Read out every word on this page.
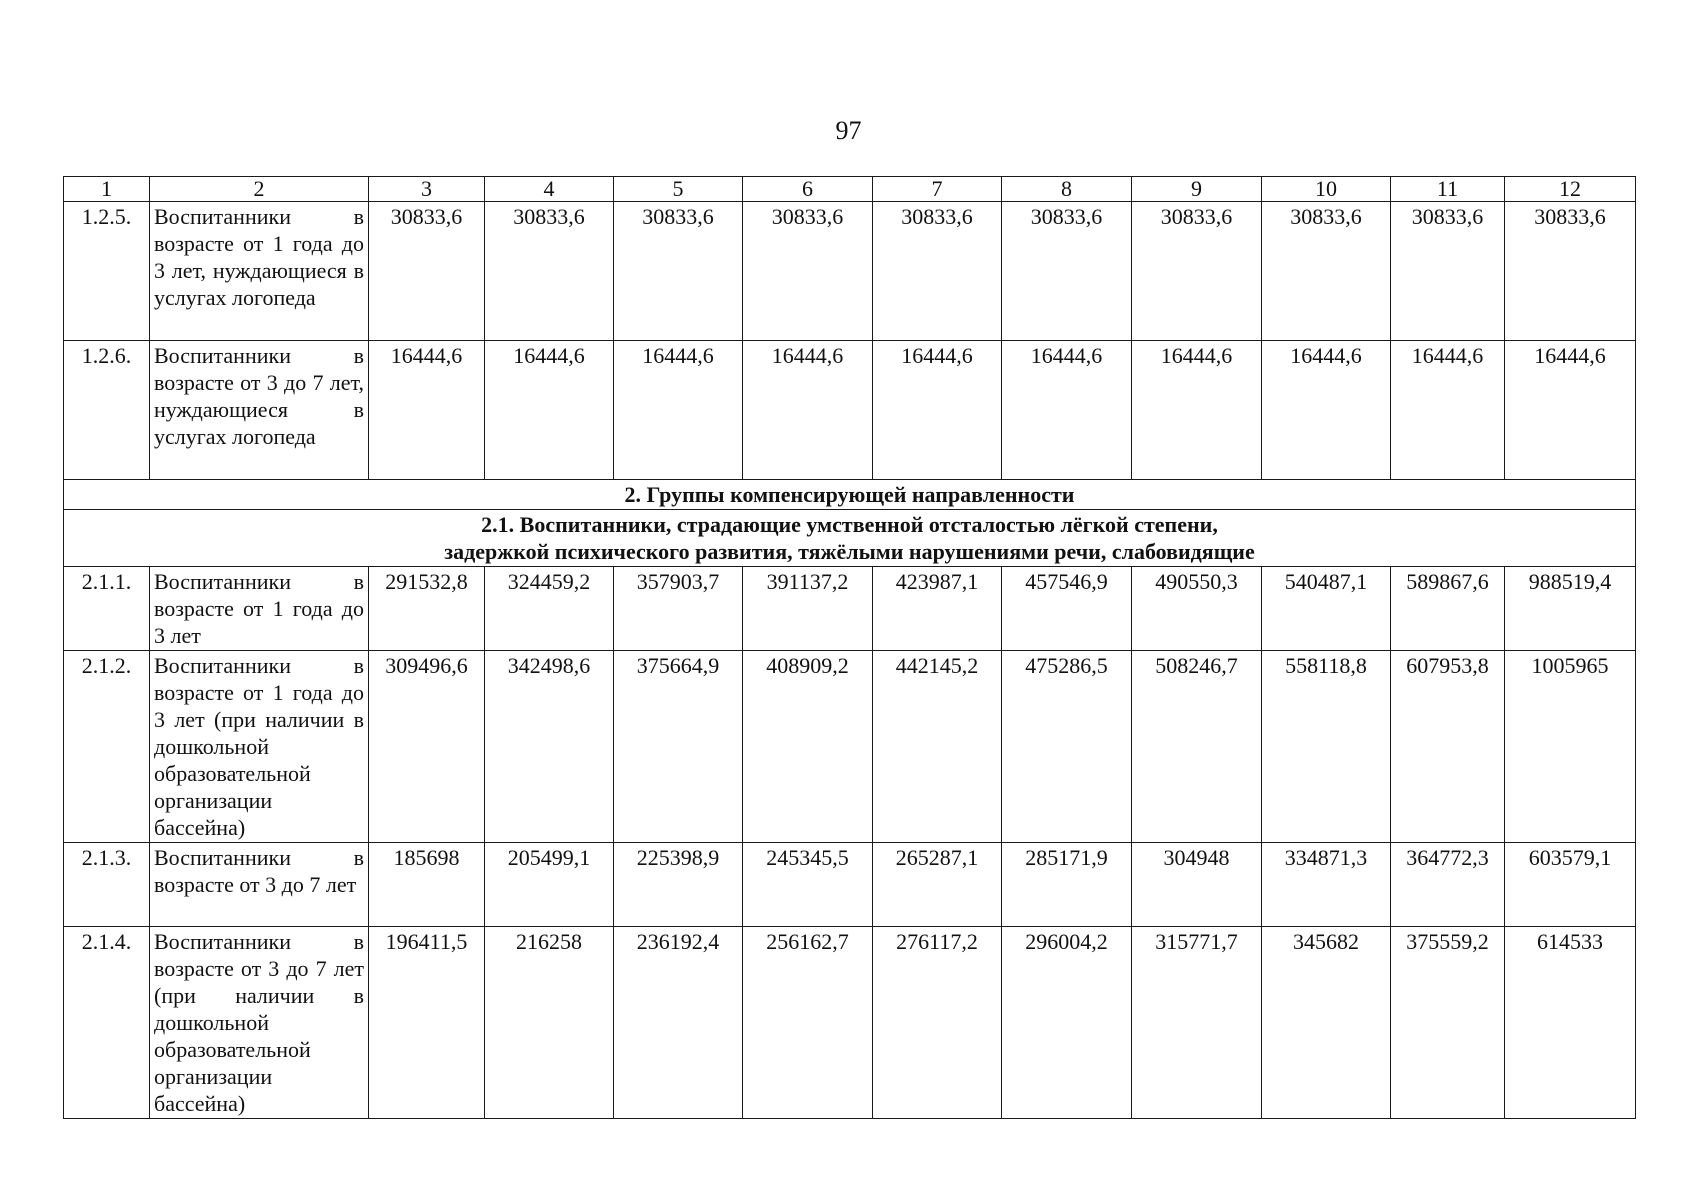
97
1	2	3	4	5	6	7	8	9	10	11	12
1.2.5.	Воспитанники в возрасте от 1 года до 3 лет, нуждающиеся в услугах логопеда	30833,6	30833,6	30833,6	30833,6	30833,6	30833,6	30833,6	30833,6	30833,6	30833,6
1.2.6.	Воспитанники в возрасте от 3 до 7 лет, нуждающиеся в услугах логопеда	16444,6	16444,6	16444,6	16444,6	16444,6	16444,6	16444,6	16444,6	16444,6	16444,6
2. Группы компенсирующей направленности											

2.1. Воспитанники, страдающие умственной отсталостью лёгкой степени,
задержкой психического развития, тяжёлыми нарушениями речи, слабовидящие											

2.1.1.	Воспитанники в возрасте от 1 года до 3 лет	291532,8	324459,2	357903,7	391137,2	423987,1	457546,9	490550,3	540487,1	589867,6	988519,4
2.1.2.	Воспитанники в возрасте от 1 года до 3 лет (при наличии в дошкольной образовательной организации бассейна)	309496,6	342498,6	375664,9	408909,2	442145,2	475286,5	508246,7	558118,8	607953,8	1005965
2.1.3.	Воспитанники в возрасте от 3 до 7 лет	185698	205499,1	225398,9	245345,5	265287,1	285171,9	304948	334871,3	364772,3	603579,1
2.1.4.	Воспитанники в возрасте от 3 до 7 лет (при наличии в дошкольной образовательной организации бассейна)	196411,5	216258	236192,4	256162,7	276117,2	296004,2	315771,7	345682	375559,2	614533
